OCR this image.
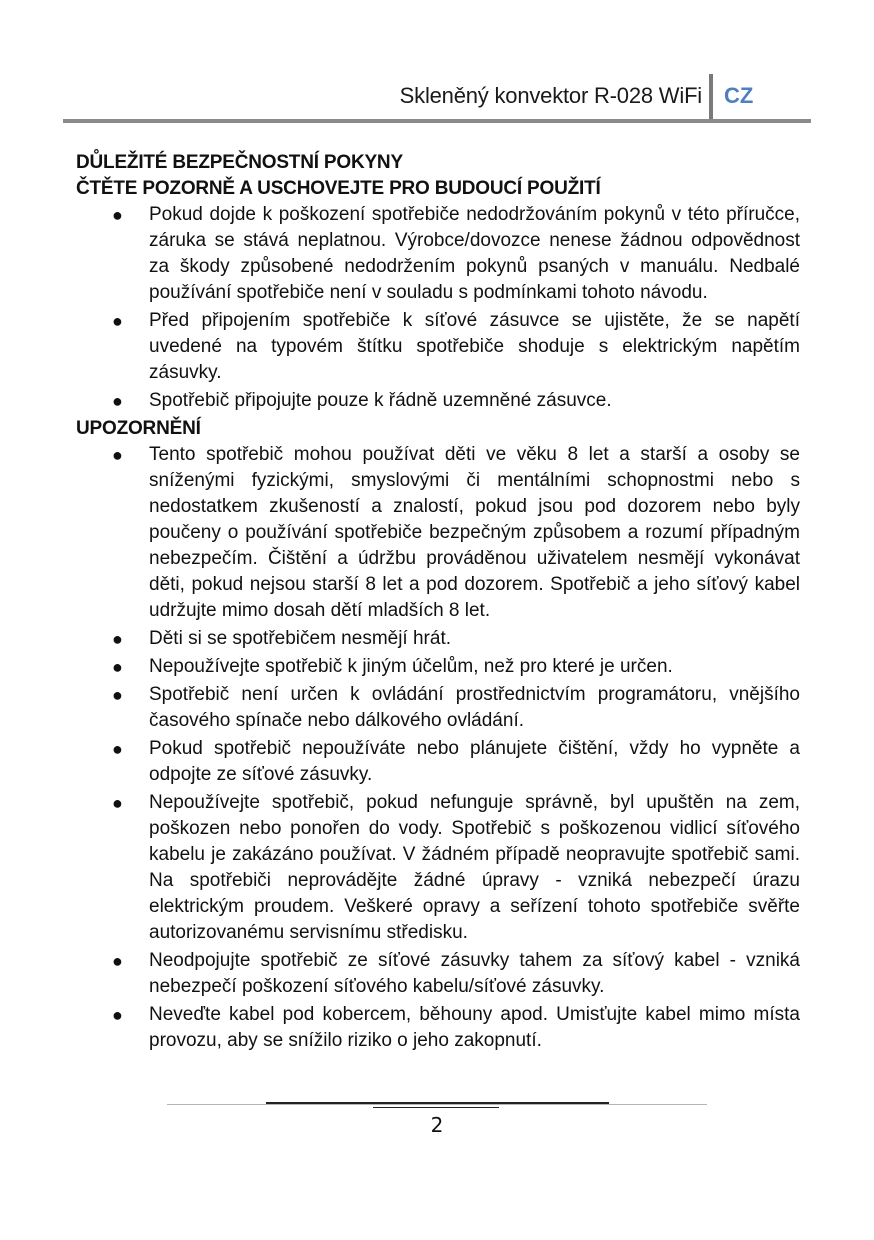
Skleněný konvektor R-028 WiFi CZ
DŮLEŽITÉ BEZPEČNOSTNÍ POKYNY
ČTĚTE POZORNĚ A USCHOVEJTE PRO BUDOUCÍ POUŽITÍ
● Pokud dojde k poškození spotřebiče nedodržováním pokynů v této příručce, záruka se stává neplatnou. Výrobce/dovozce nenese žádnou odpovědnost za škody způsobené nedodržením pokynů psaných v manuálu. Nedbalé používání spotřebiče není v souladu s podmínkami tohoto návodu.
● Před připojením spotřebiče k síťové zásuvce se ujistěte, že se napětí uvedené na typovém štítku spotřebiče shoduje s elektrickým napětím zásuvky.
● Spotřebič připojujte pouze k řádně uzemněné zásuvce.
UPOZORNĚNÍ
● Tento spotřebič mohou používat děti ve věku 8 let a starší a osoby se sníženými fyzickými, smyslovými či mentálními schopnostmi nebo s nedostatkem zkušeností a znalostí, pokud jsou pod dozorem nebo byly poučeny o používání spotřebiče bezpečným způsobem a rozumí případným nebezpečím. Čištění a údržbu prováděnou uživatelem nesmějí vykonávat děti, pokud nejsou starší 8 let a pod dozorem. Spotřebič a jeho síťový kabel udržujte mimo dosah dětí mladších 8 let.
● Děti si se spotřebičem nesmějí hrát.
● Nepoužívejte spotřebič k jiným účelům, než pro které je určen.
● Spotřebič není určen k ovládání prostřednictvím programátoru, vnějšího časového spínače nebo dálkového ovládání.
● Pokud spotřebič nepoužíváte nebo plánujete čištění, vždy ho vypněte a odpojte ze síťové zásuvky.
● Nepoužívejte spotřebič, pokud nefunguje správně, byl upuštěn na zem, poškozen nebo ponořen do vody. Spotřebič s poškozenou vidlicí síťového kabelu je zakázáno používat. V žádném případě neopravujte spotřebič sami. Na spotřebiči neprovádějte žádné úpravy - vzniká nebezpečí úrazu elektrickým proudem. Veškeré opravy a seřízení tohoto spotřebiče svěřte autorizovanému servisnímu středisku.
● Neodpojujte spotřebič ze síťové zásuvky tahem za síťový kabel - vzniká nebezpečí poškození síťového kabelu/síťové zásuvky.
● Neveďte kabel pod kobercem, běhouny apod. Umisťujte kabel mimo místa provozu, aby se snížilo riziko o jeho zakopnutí.
2
